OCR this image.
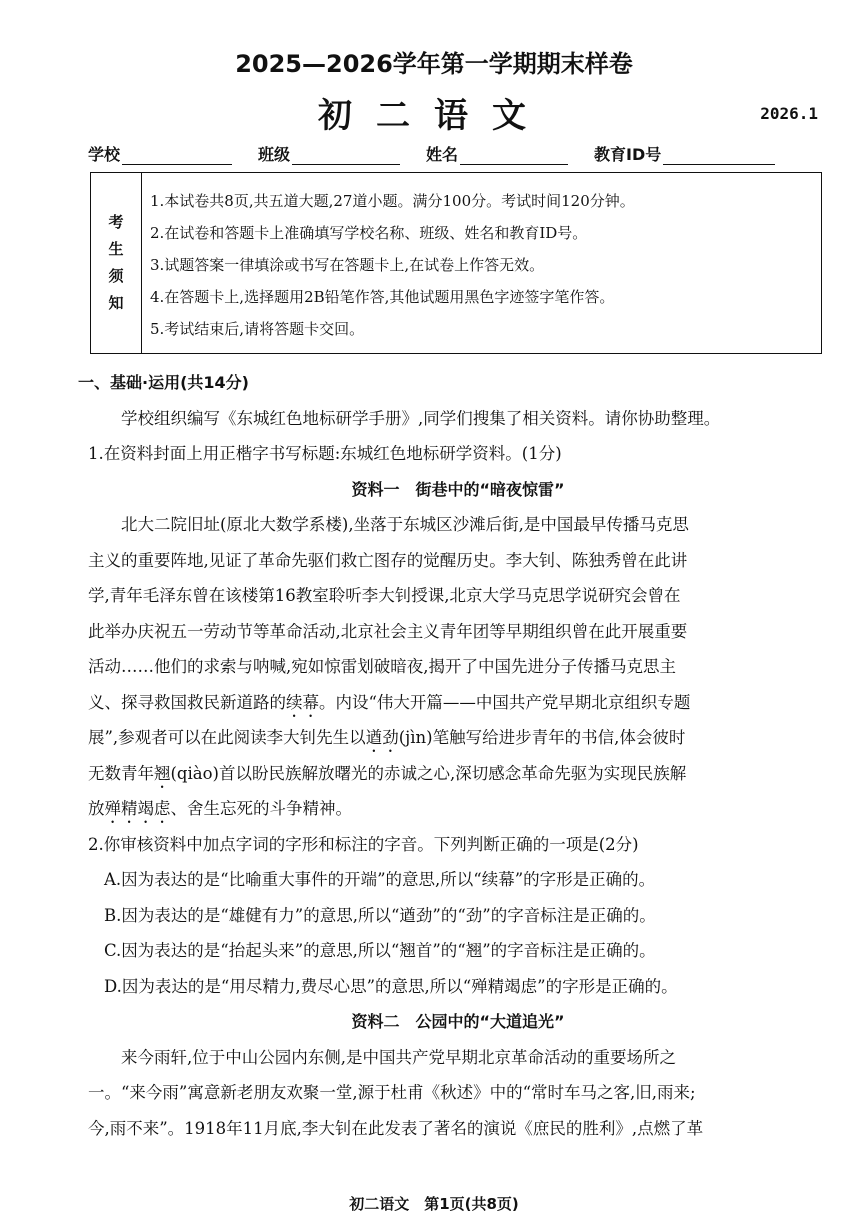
2025—2026学年第一学期期末样卷
初二语文	2026.1
学校	班级	姓名	教育ID号
考
生
须
知
1.本试卷共8页,共五道大题,27道小题。满分100分。考试时间120分钟。
2.在试卷和答题卡上准确填写学校名称、班级、姓名和教育ID号。
3.试题答案一律填涂或书写在答题卡上,在试卷上作答无效。
4.在答题卡上,选择题用2B铅笔作答,其他试题用黑色字迹签字笔作答。
5.考试结束后,请将答题卡交回。
一、基础·运用(共14分)
学校组织编写《东城红色地标研学手册》,同学们搜集了相关资料。请你协助整理。
1.在资料封面上用正楷字书写标题:东城红色地标研学资料。(1分)
资料一　街巷中的“暗夜惊雷”
北大二院旧址(原北大数学系楼),坐落于东城区沙滩后街,是中国最早传播马克思
主义的重要阵地,见证了革命先驱们救亡图存的觉醒历史。李大钊、陈独秀曾在此讲
学,青年毛泽东曾在该楼第16教室聆听李大钊授课,北京大学马克思学说研究会曾在
此举办庆祝五一劳动节等革命活动,北京社会主义青年团等早期组织曾在此开展重要
活动……他们的求索与呐喊,宛如惊雷划破暗夜,揭开了中国先进分子传播马克思主
义、探寻救国救民新道路的续幕。内设“伟大开篇——中国共产党早期北京组织专题
展”,参观者可以在此阅读李大钊先生以遒劲(jìn)笔触写给进步青年的书信,体会彼时
无数青年翘(qiào)首以盼民族解放曙光的赤诚之心,深切感念革命先驱为实现民族解
放殚精竭虑、舍生忘死的斗争精神。
2.你审核资料中加点字词的字形和标注的字音。下列判断正确的一项是(2分)
A.因为表达的是“比喻重大事件的开端”的意思,所以“续幕”的字形是正确的。
B.因为表达的是“雄健有力”的意思,所以“遒劲”的“劲”的字音标注是正确的。
C.因为表达的是“抬起头来”的意思,所以“翘首”的“翘”的字音标注是正确的。
D.因为表达的是“用尽精力,费尽心思”的意思,所以“殚精竭虑”的字形是正确的。
资料二　公园中的“大道追光”
来今雨轩,位于中山公园内东侧,是中国共产党早期北京革命活动的重要场所之
一。“来今雨”寓意新老朋友欢聚一堂,源于杜甫《秋述》中的“常时车马之客,旧,雨来;
今,雨不来”。1918年11月底,李大钊在此发表了著名的演说《庶民的胜利》,点燃了革
初二语文　第1页(共8页)
